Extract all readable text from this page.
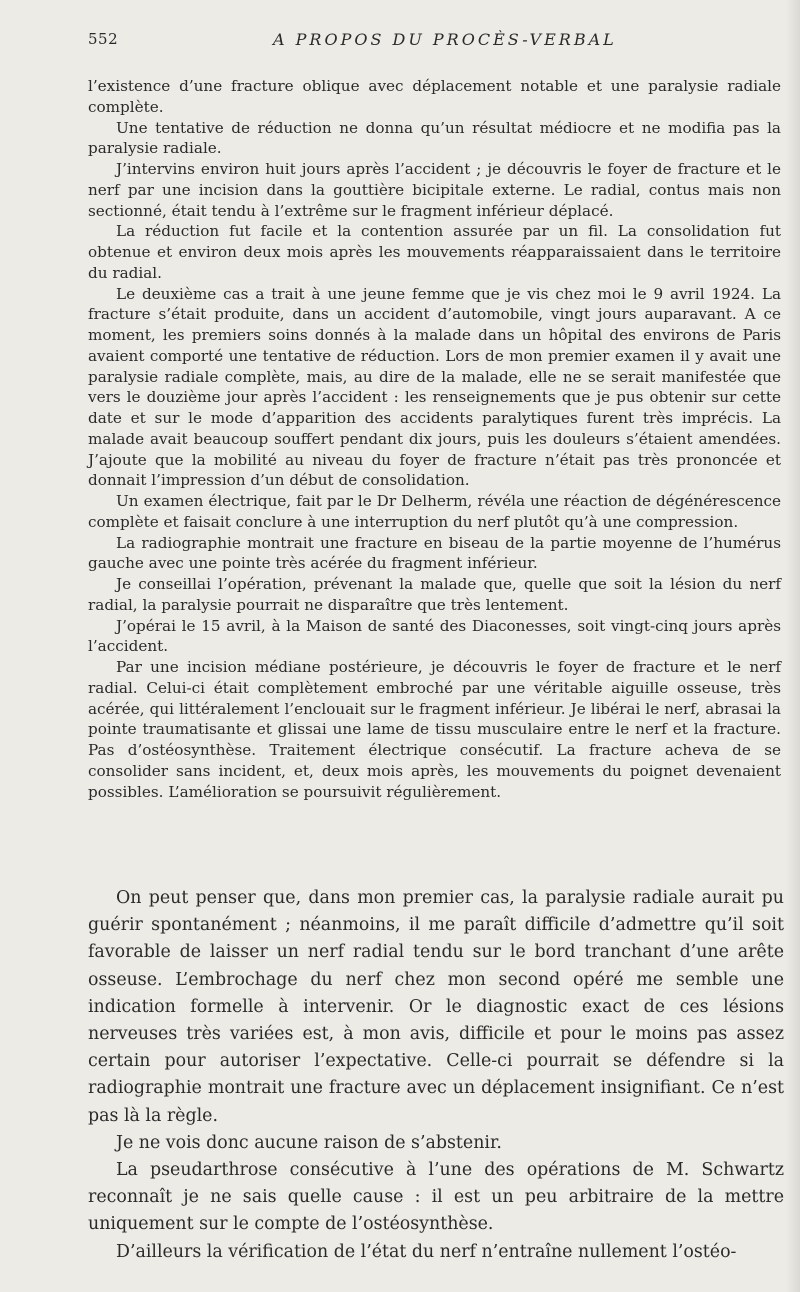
552	A PROPOS DU PROCÈS-VERBAL

l’existence d’une fracture oblique avec déplacement notable et une paralysie radiale complète.

Une tentative de réduction ne donna qu’un résultat médiocre et ne modifia pas la paralysie radiale.

J’intervins environ huit jours après l’accident ; je découvris le foyer de fracture et le nerf par une incision dans la gouttière bicipitale externe. Le radial, contus mais non sectionné, était tendu à l’extrême sur le fragment inférieur déplacé.

La réduction fut facile et la contention assurée par un fil. La consolidation fut obtenue et environ deux mois après les mouvements réapparaissaient dans le territoire du radial.

Le deuxième cas a trait à une jeune femme que je vis chez moi le 9 avril 1924. La fracture s’était produite, dans un accident d’automobile, vingt jours auparavant. A ce moment, les premiers soins donnés à la malade dans un hôpital des environs de Paris avaient comporté une tentative de réduction. Lors de mon premier examen il y avait une paralysie radiale complète, mais, au dire de la malade, elle ne se serait manifestée que vers le douzième jour après l’accident : les renseignements que je pus obtenir sur cette date et sur le mode d’apparition des accidents paralytiques furent très imprécis. La malade avait beaucoup souffert pendant dix jours, puis les douleurs s’étaient amendées. J’ajoute que la mobilité au niveau du foyer de fracture n’était pas très prononcée et donnait l’impression d’un début de consolidation.

Un examen électrique, fait par le Dr Delherm, révéla une réaction de dégénérescence complète et faisait conclure à une interruption du nerf plutôt qu’à une compression.

La radiographie montrait une fracture en biseau de la partie moyenne de l’humérus gauche avec une pointe très acérée du fragment inférieur.

Je conseillai l’opération, prévenant la malade que, quelle que soit la lésion du nerf radial, la paralysie pourrait ne disparaître que très lentement.

J’opérai le 15 avril, à la Maison de santé des Diaconesses, soit vingt-cinq jours après l’accident.

Par une incision médiane postérieure, je découvris le foyer de fracture et le nerf radial. Celui-ci était complètement embroché par une véritable aiguille osseuse, très acérée, qui littéralement l’enclouait sur le fragment inférieur. Je libérai le nerf, abrasai la pointe traumatisante et glissai une lame de tissu musculaire entre le nerf et la fracture. Pas d’ostéosynthèse. Traitement électrique consécutif. La fracture acheva de se consolider sans incident, et, deux mois après, les mouvements du poignet devenaient possibles. L’amélioration se poursuivit régulièrement.

On peut penser que, dans mon premier cas, la paralysie radiale aurait pu guérir spontanément ; néanmoins, il me paraît difficile d’admettre qu’il soit favorable de laisser un nerf radial tendu sur le bord tranchant d’une arête osseuse. L’embrochage du nerf chez mon second opéré me semble une indication formelle à intervenir. Or le diagnostic exact de ces lésions nerveuses très variées est, à mon avis, difficile et pour le moins pas assez certain pour autoriser l’expectative. Celle-ci pourrait se défendre si la radiographie montrait une fracture avec un déplacement insignifiant. Ce n’est pas là la règle.

Je ne vois donc aucune raison de s’abstenir.

La pseudarthrose consécutive à l’une des opérations de M. Schwartz reconnaît je ne sais quelle cause : il est un peu arbitraire de la mettre uniquement sur le compte de l’ostéosynthèse.

D’ailleurs la vérification de l’état du nerf n’entraîne nullement l’ostéo-
